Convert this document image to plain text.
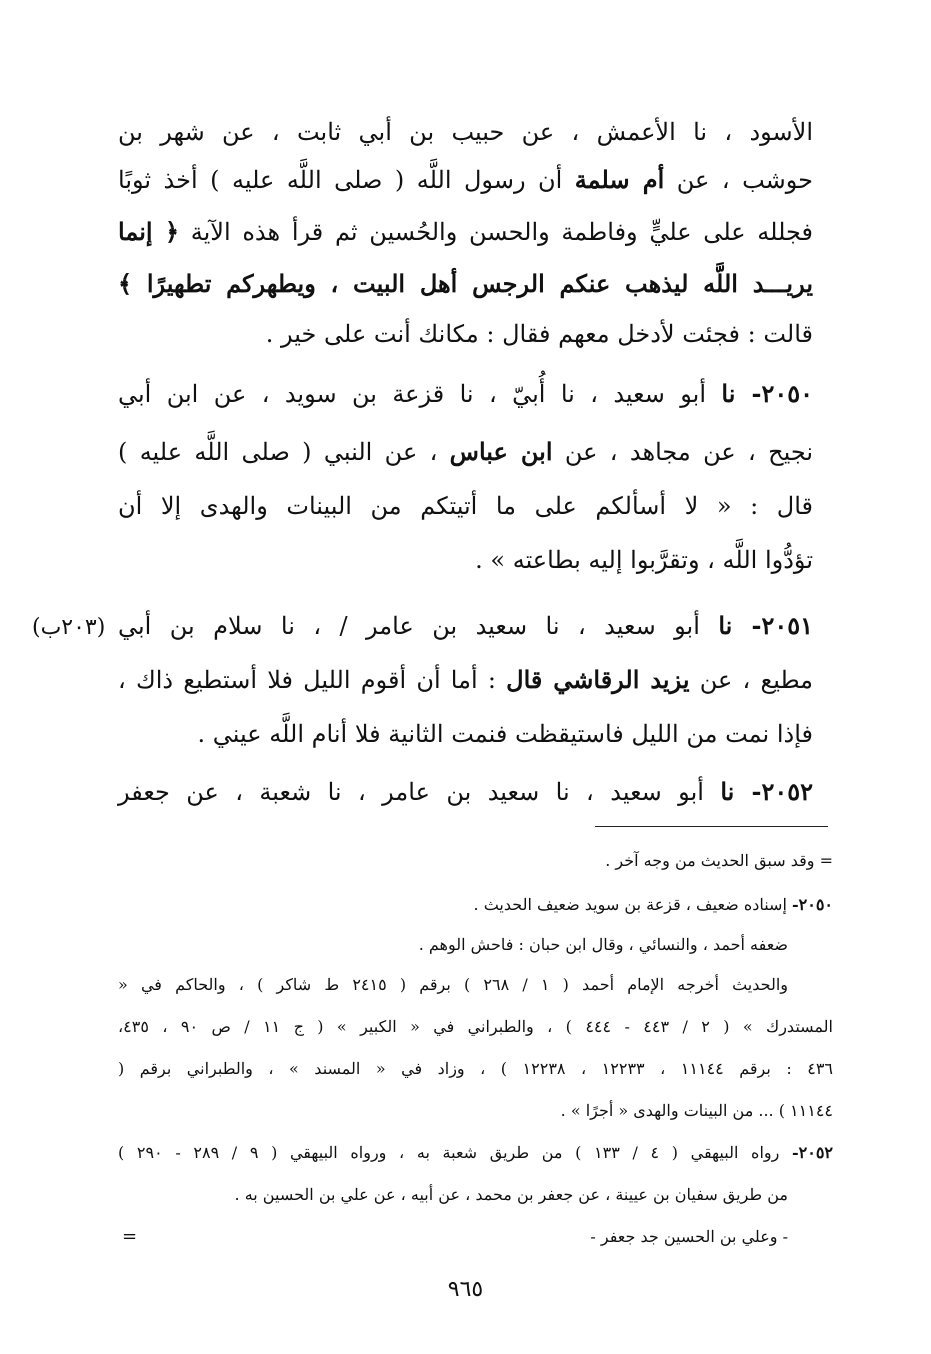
الأسود ، نا الأعمش ، عن حبيب بن أبي ثابت ، عن شهر بن
حوشب ، عن أم سلمة أن رسول اللَّه ( صلى اللَّه عليه ) أخذ ثوبًا
فجلله على عليٍّ وفاطمة والحسن والحُسين ثم قرأ هذه الآية ﴿ إنما
يريـــد اللَّه ليذهب عنكم الرجس أهل البيت ، ويطهركم تطهيرًا ﴾
قالت : فجئت لأدخل معهم فقال : مكانك أنت على خير .
٢٠٥٠- نا أبو سعيد ، نا أُبيّ ، نا قزعة بن سويد ، عن ابن أبي
نجيح ، عن مجاهد ، عن ابن عباس ، عن النبي ( صلى اللَّه عليه )
قال : « لا أسألكم على ما أتيتكم من البينات والهدى إلا أن
تؤدُّوا اللَّه ، وتقرَّبوا إليه بطاعته » .
٢٠٥١- نا أبو سعيد ، نا سعيد بن عامر / ، نا سلام بن أبي
(٢٠٣ب)
مطيع ، عن يزيد الرقاشي قال : أما أن أقوم الليل فلا أستطيع ذاك ،
فإذا نمت من الليل فاستيقظت فنمت الثانية فلا أنام اللَّه عيني .
٢٠٥٢- نا أبو سعيد ، نا سعيد بن عامر ، نا شعبة ، عن جعفر
= وقد سبق الحديث من وجه آخر .
٢٠٥٠- إسناده ضعيف ، قزعة بن سويد ضعيف الحديث .
ضعفه أحمد ، والنسائي ، وقال ابن حبان : فاحش الوهم .
والحديث أخرجه الإمام أحمد ( ١ / ٢٦٨ ) برقم ( ٢٤١٥ ط شاكر ) ، والحاكم في «
المستدرك » ( ٢ / ٤٤٣ - ٤٤٤ ) ، والطبراني في « الكبير » ( ج ١١ / ص ٩٠ ، ٤٣٥،
٤٣٦ : برقم ١١١٤٤ ، ١٢٢٣٣ ، ١٢٢٣٨ ) ، وزاد في « المسند » ، والطبراني برقم (
١١١٤٤ ) ... من البينات والهدى « أجرًا » .
٢٠٥٢- رواه البيهقي ( ٤ / ١٣٣ ) من طريق شعبة به ، ورواه البيهقي ( ٩ / ٢٨٩ - ٢٩٠ )
من طريق سفيان بن عيينة ، عن جعفر بن محمد ، عن أبيه ، عن علي بن الحسين به .
- وعلي بن الحسين جد جعفر -
=
٩٦٥
